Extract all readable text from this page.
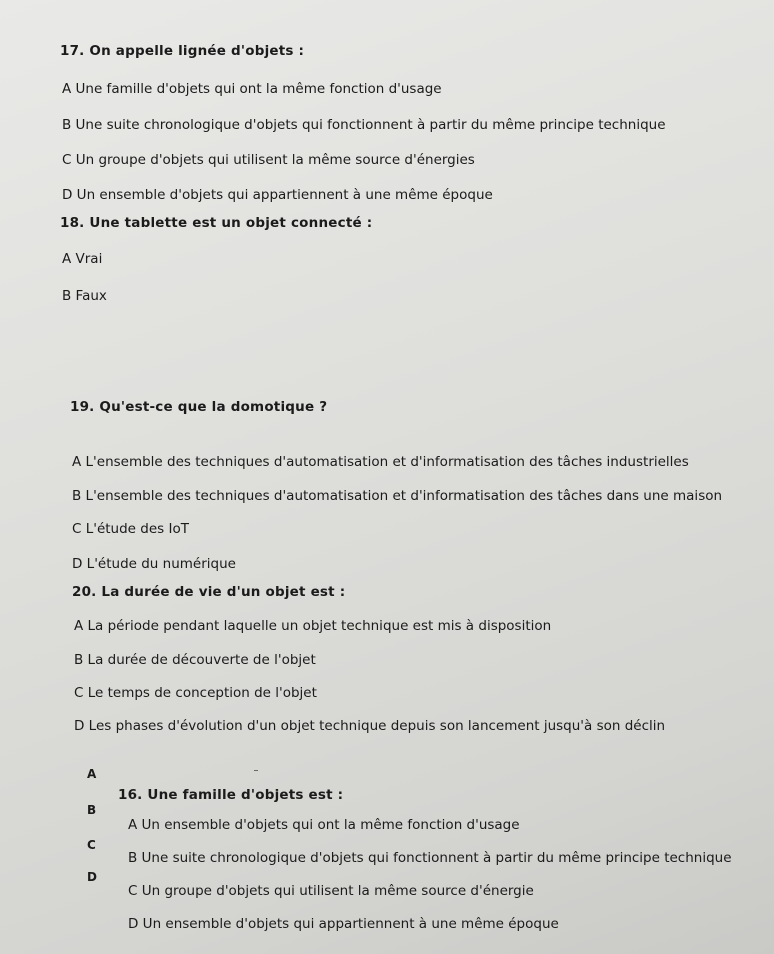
17. On appelle lignée d'objets :
A Une famille d'objets qui ont la même fonction d'usage
B Une suite chronologique d'objets qui fonctionnent à partir du même principe technique
C Un groupe d'objets qui utilisent la même source d'énergies
D Un ensemble d'objets qui appartiennent à une même époque
18. Une tablette est un objet connecté :
A Vrai
B Faux
19. Qu'est-ce que la domotique ?
A L'ensemble des techniques d'automatisation et d'informatisation des tâches industrielles
B L'ensemble des techniques d'automatisation et d'informatisation des tâches dans une maison
C L'étude des IoT
D L'étude du numérique
20. La durée de vie d'un objet est :
A La période pendant laquelle un objet technique est mis à disposition
B La durée de découverte de l'objet
C Le temps de conception de l'objet
D Les phases d'évolution d'un objet technique depuis son lancement jusqu'à son déclin
A
16. Une famille d'objets est :
B
A Un ensemble d'objets qui ont la même fonction d'usage
C
B Une suite chronologique d'objets qui fonctionnent à partir du même principe technique
D
C Un groupe d'objets qui utilisent la même source d'énergie
D Un ensemble d'objets qui appartiennent à une même époque
